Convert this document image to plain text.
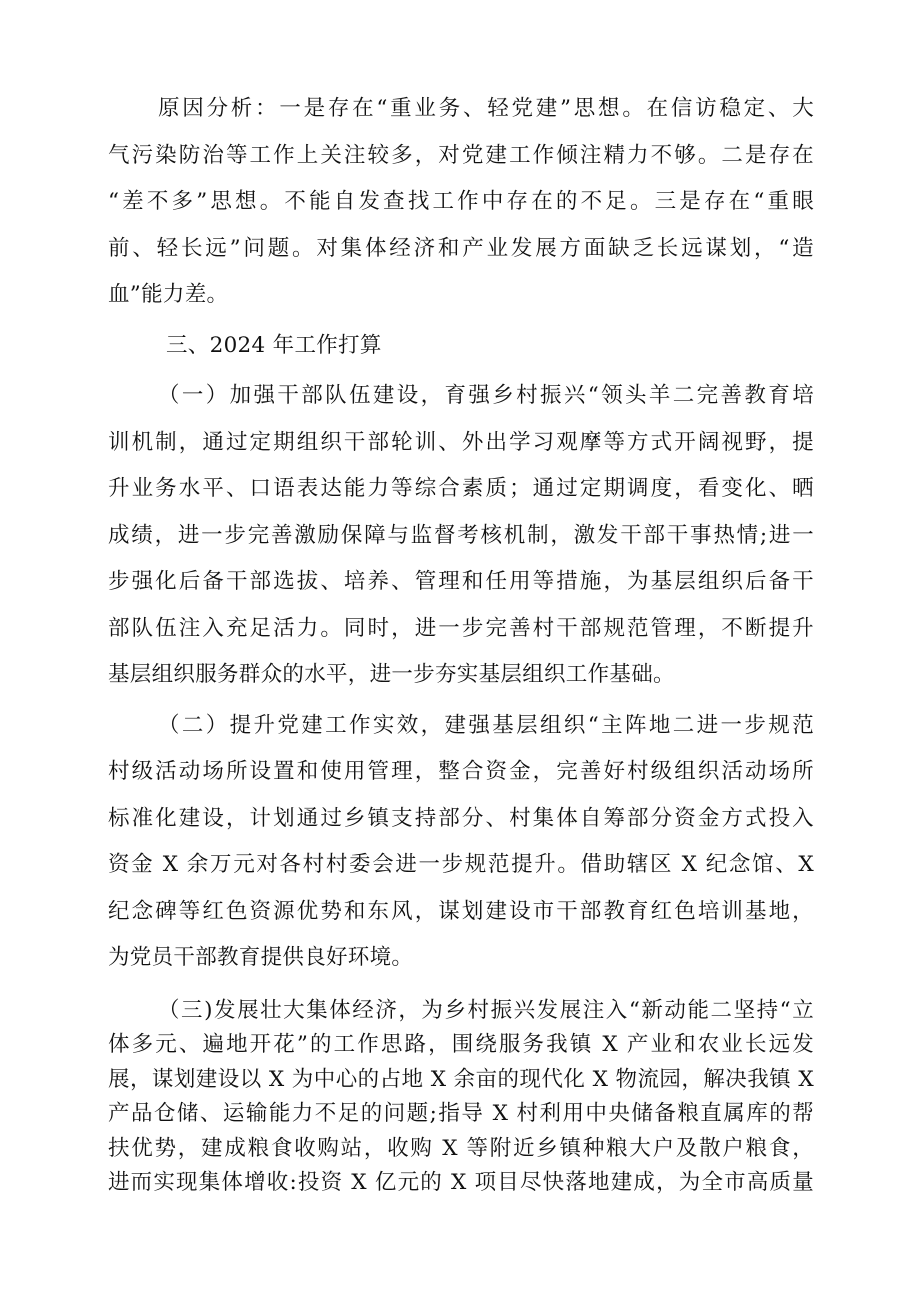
原因分析：一是存在“重业务、轻党建”思想。在信访稳定、大
气污染防治等工作上关注较多，对党建工作倾注精力不够。二是存在
“差不多”思想。不能自发查找工作中存在的不足。三是存在“重眼
前、轻长远”问题。对集体经济和产业发展方面缺乏长远谋划，“造
血”能力差。
三、2024 年工作打算
（一）加强干部队伍建设，育强乡村振兴“领头羊二完善教育培
训机制，通过定期组织干部轮训、外出学习观摩等方式开阔视野，提
升业务水平、口语表达能力等综合素质；通过定期调度，看变化、晒
成绩，进一步完善激励保障与监督考核机制，激发干部干事热情;进一
步强化后备干部选拔、培养、管理和任用等措施，为基层组织后备干
部队伍注入充足活力。同时，进一步完善村干部规范管理，不断提升
基层组织服务群众的水平，进一步夯实基层组织工作基础。
（二）提升党建工作实效，建强基层组织“主阵地二进一步规范
村级活动场所设置和使用管理，整合资金，完善好村级组织活动场所
标准化建设，计划通过乡镇支持部分、村集体自筹部分资金方式投入
资金 X 余万元对各村村委会进一步规范提升。借助辖区 X 纪念馆、X
纪念碑等红色资源优势和东风，谋划建设市干部教育红色培训基地，
为党员干部教育提供良好环境。
（三)发展壮大集体经济，为乡村振兴发展注入“新动能二坚持“立
体多元、遍地开花”的工作思路，围绕服务我镇 X 产业和农业长远发
展，谋划建设以 X 为中心的占地 X 余亩的现代化 X 物流园，解决我镇 X
产品仓储、运输能力不足的问题;指导 X 村利用中央储备粮直属库的帮
扶优势，建成粮食收购站，收购 X 等附近乡镇种粮大户及散户粮食，
进而实现集体增收:投资 X 亿元的 X 项目尽快落地建成，为全市高质量
